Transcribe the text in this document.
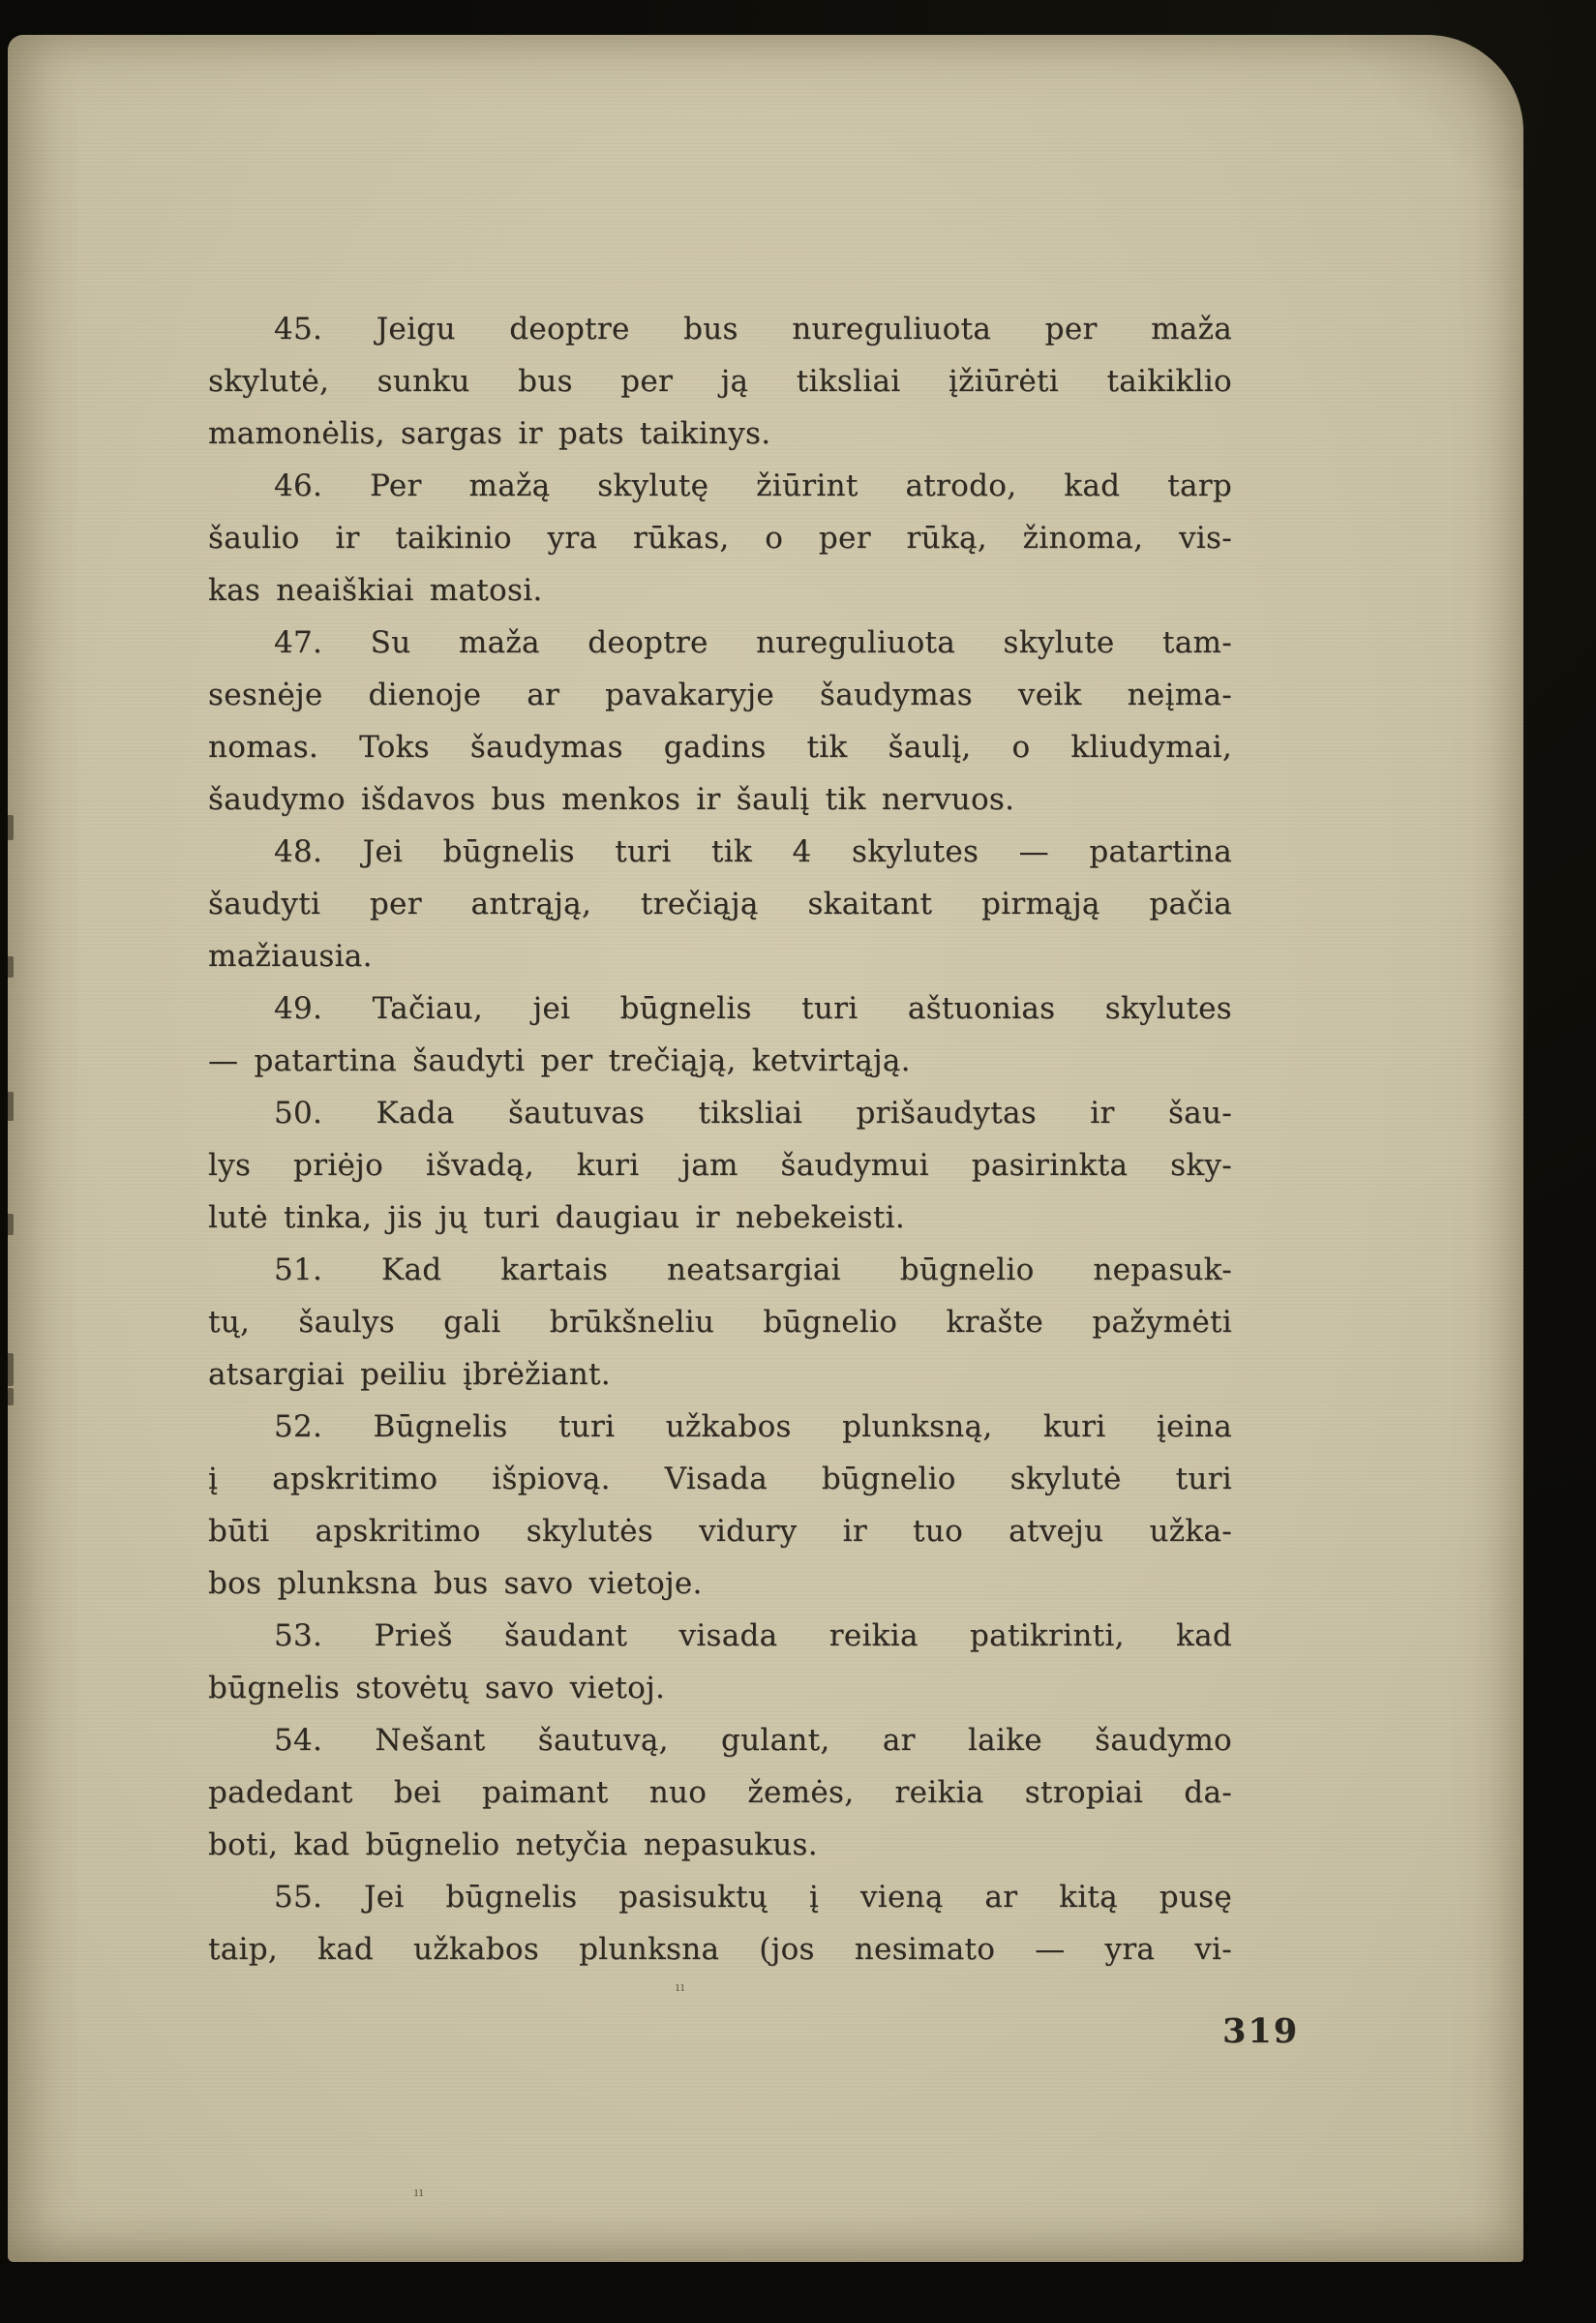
45. Jeigu deoptre bus nureguliuota per maža
skylutė, sunku bus per ją tiksliai įžiūrėti taikiklio
mamonėlis, sargas ir pats taikinys.
46. Per mažą skylutę žiūrint atrodo, kad tarp
šaulio ir taikinio yra rūkas, o per rūką, žinoma, vis-
kas neaiškiai matosi.
47. Su maža deoptre nureguliuota skylute tam-
sesnėje dienoje ar pavakaryje šaudymas veik neįma-
nomas. Toks šaudymas gadins tik šaulį, o kliudymai,
šaudymo išdavos bus menkos ir šaulį tik nervuos.
48. Jei būgnelis turi tik 4 skylutes — patartina
šaudyti per antrąją, trečiąją skaitant pirmąją pačia
mažiausia.
49. Tačiau, jei būgnelis turi aštuonias skylutes
— patartina šaudyti per trečiąją, ketvirtąją.
50. Kada šautuvas tiksliai prišaudytas ir šau-
lys priėjo išvadą, kuri jam šaudymui pasirinkta sky-
lutė tinka, jis jų turi daugiau ir nebekeisti.
51. Kad kartais neatsargiai būgnelio nepasuk-
tų, šaulys gali brūkšneliu būgnelio krašte pažymėti
atsargiai peiliu įbrėžiant.
52. Būgnelis turi užkabos plunksną, kuri įeina
į apskritimo išpiovą. Visada būgnelio skylutė turi
būti apskritimo skylutės vidury ir tuo atveju užka-
bos plunksna bus savo vietoje.
53. Prieš šaudant visada reikia patikrinti, kad
būgnelis stovėtų savo vietoj.
54. Nešant šautuvą, gulant, ar laike šaudymo
padedant bei paimant nuo žemės, reikia stropiai da-
boti, kad būgnelio netyčia nepasukus.
55. Jei būgnelis pasisuktų į vieną ar kitą pusę
taip, kad užkabos plunksna (jos nesimato — yra vi-
319
ıı
ıı
